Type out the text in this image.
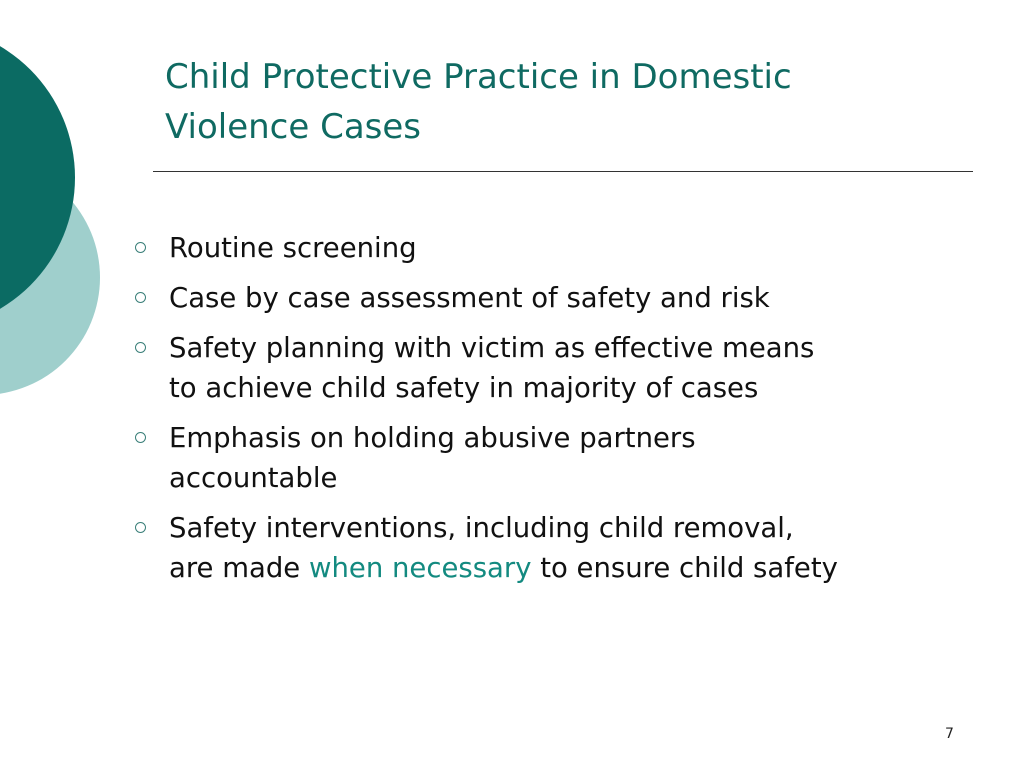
Child Protective Practice in Domestic
Violence Cases
Routine screening
Case by case assessment of safety and risk
Safety planning with victim as effective means
to achieve child safety in majority of cases
Emphasis on holding abusive partners
accountable
Safety interventions, including child removal,
are made when necessary to ensure child safety
7
